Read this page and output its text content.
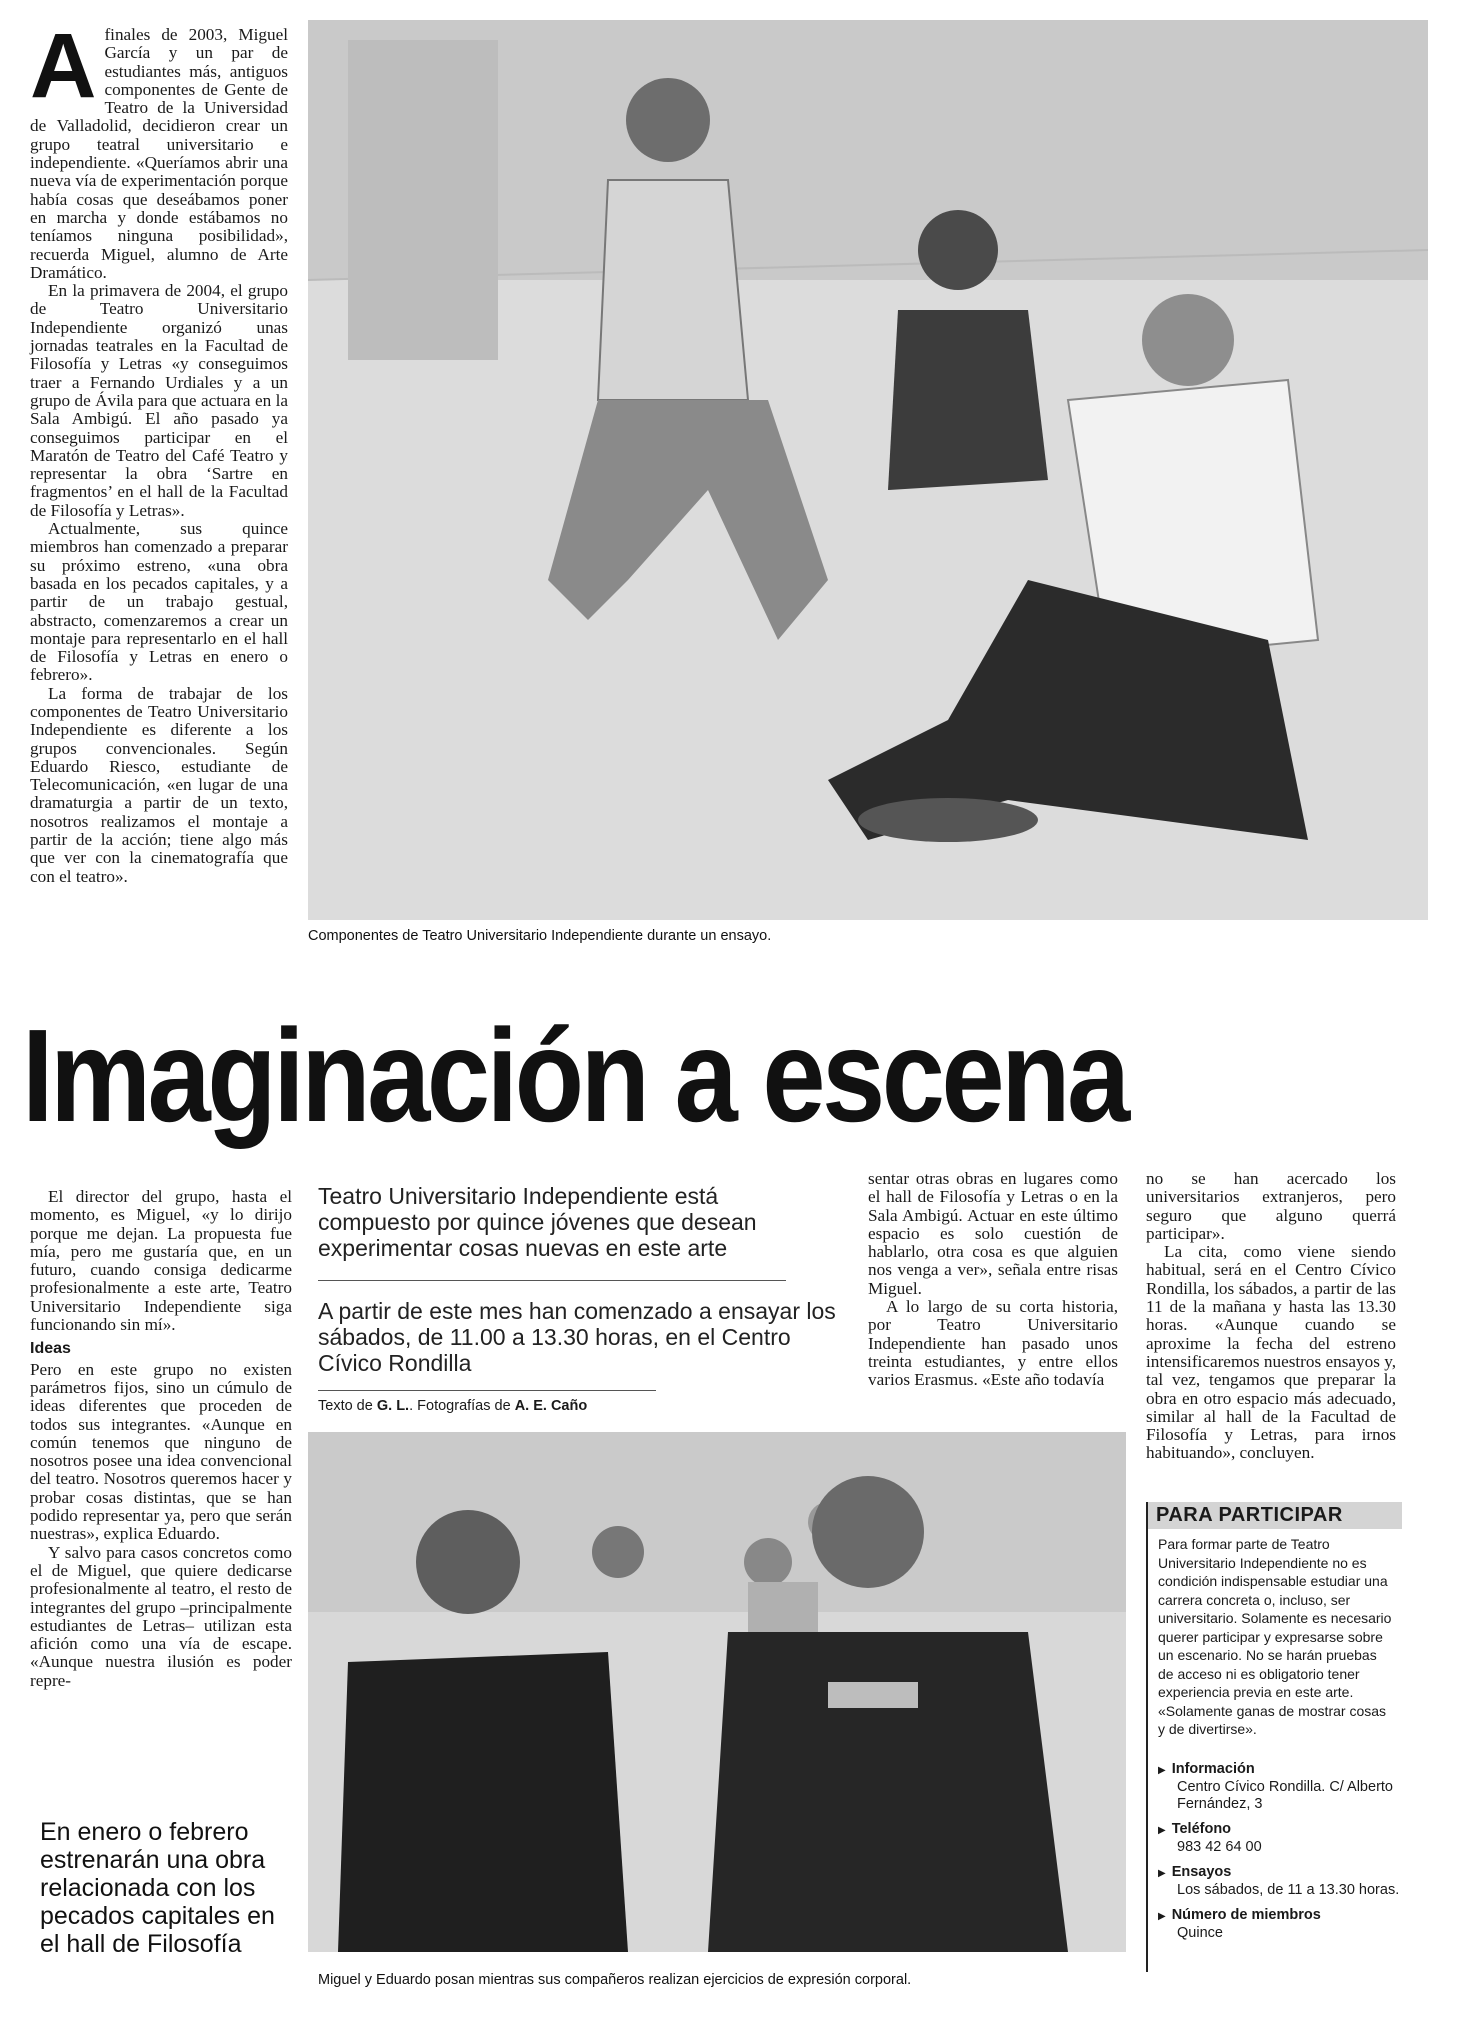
Afinales de 2003, Miguel García y un par de estudiantes más, antiguos componentes de Gente de Teatro de la Universidad de Valladolid, decidieron crear un grupo teatral universitario e independiente. «Queríamos abrir una nueva vía de experimentación porque había cosas que deseábamos poner en marcha y donde estábamos no teníamos ninguna posibilidad», recuerda Miguel, alumno de Arte Dramático.

En la primavera de 2004, el grupo de Teatro Universitario Independiente organizó unas jornadas teatrales en la Facultad de Filosofía y Letras «y conseguimos traer a Fernando Urdiales y a un grupo de Ávila para que actuara en la Sala Ambigú. El año pasado ya conseguimos participar en el Maratón de Teatro del Café Teatro y representar la obra ‘Sartre en fragmentos’ en el hall de la Facultad de Filosofía y Letras».

Actualmente, sus quince miembros han comenzado a preparar su próximo estreno, «una obra basada en los pecados capitales, y a partir de un trabajo gestual, abstracto, comenzaremos a crear un montaje para representarlo en el hall de Filosofía y Letras en enero o febrero».

La forma de trabajar de los componentes de Teatro Universitario Independiente es diferente a los grupos convencionales. Según Eduardo Riesco, estudiante de Telecomunicación, «en lugar de una dramaturgia a partir de un texto, nosotros realizamos el montaje a partir de la acción; tiene algo más que ver con la cinematografía que con el teatro».

Componentes de Teatro Universitario Independiente durante un ensayo.
Imaginación a escena

El director del grupo, hasta el momento, es Miguel, «y lo dirijo porque me dejan. La propuesta fue mía, pero me gustaría que, en un futuro, cuando consiga dedicarme profesionalmente a este arte, Teatro Universitario Independiente siga funcionando sin mí».

Ideas

Pero en este grupo no existen parámetros fijos, sino un cúmulo de ideas diferentes que proceden de todos sus integrantes. «Aunque en común tenemos que ninguno de nosotros posee una idea convencional del teatro. Nosotros queremos hacer y probar cosas distintas, que se han podido representar ya, pero que serán nuestras», explica Eduardo.

Y salvo para casos concretos como el de Miguel, que quiere dedicarse profesionalmente al teatro, el resto de integrantes del grupo –principalmente estudiantes de Letras– utilizan esta afición como una vía de escape. «Aunque nuestra ilusión es poder repre-

En enero o febrero estrenarán una obra relacionada con los pecados capitales en el hall de Filosofía
Teatro Universitario Independiente está compuesto por quince jóvenes que desean experimentar cosas nuevas en este arte
A partir de este mes han comenzado a ensayar los sábados, de 11.00 a 13.30 horas, en el Centro Cívico Rondilla
Texto de G. L.. Fotografías de A. E. Caño

sentar otras obras en lugares como el hall de Filosofía y Letras o en la Sala Ambigú. Actuar en este último espacio es solo cuestión de hablarlo, otra cosa es que alguien nos venga a ver», señala entre risas Miguel.

A lo largo de su corta historia, por Teatro Universitario Independiente han pasado unos treinta estudiantes, y entre ellos varios Erasmus. «Este año todavía

no se han acercado los universitarios extranjeros, pero seguro que alguno querrá participar».

La cita, como viene siendo habitual, será en el Centro Cívico Rondilla, los sábados, a partir de las 11 de la mañana y hasta las 13.30 horas. «Aunque cuando se aproxime la fecha del estreno intensificaremos nuestros ensayos y, tal vez, tengamos que preparar la obra en otro espacio más adecuado, similar al hall de la Facultad de Filosofía y Letras, para irnos habituando», concluyen.

Miguel y Eduardo posan mientras sus compañeros realizan ejercicios de expresión corporal.
PARA PARTICIPAR
Para formar parte de Teatro Universitario Independiente no es condición indispensable estudiar una carrera concreta o, incluso, ser universitario. Solamente es necesario querer participar y expresarse sobre un escenario. No se harán pruebas de acceso ni es obligatorio tener experiencia previa en este arte. «Solamente ganas de mostrar cosas y de divertirse».
▶ Información
Centro Cívico Rondilla. C/ Alberto Fernández, 3
▶ Teléfono
983 42 64 00
▶ Ensayos
Los sábados, de 11 a 13.30 horas.
▶ Número de miembros
Quince
